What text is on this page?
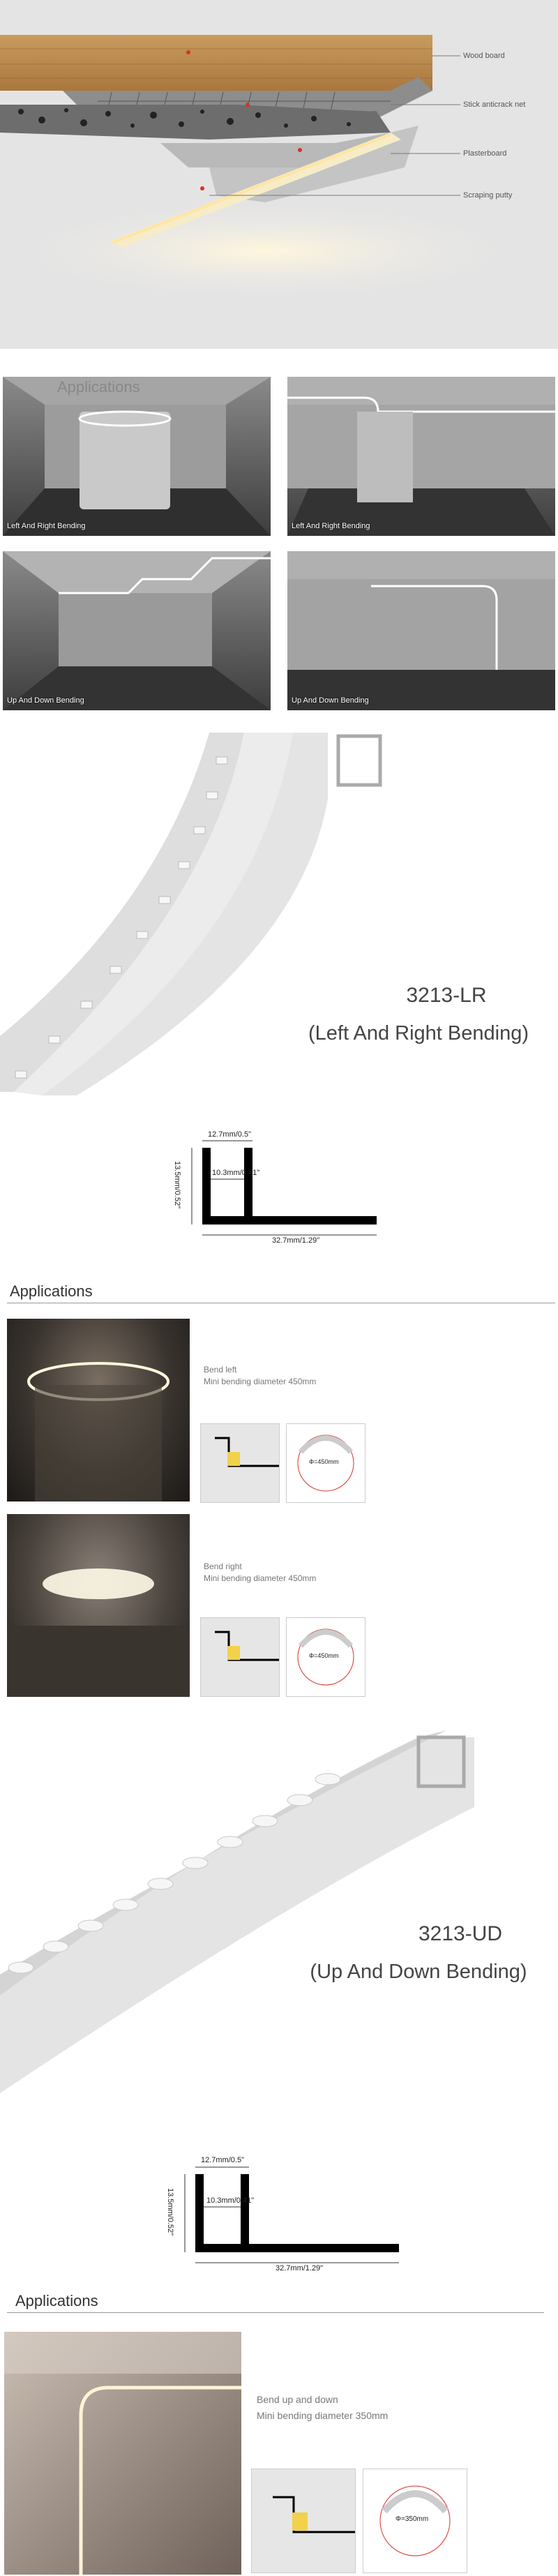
Wood board
Stick anticrack net
Plasterboard
Scraping putty
Applications
Left And Right Bending	Left And Right Bending
Up And Down Bending	Up And Down Bending
3213-LR
(Left And Right Bending)
12.7mm/0.5"
10.3mm/0.41"
13.5mm/0.52"
32.7mm/1.29"
Applications
Bend left
Mini bending diameter 450mm
Φ=450mm
Bend right
Mini bending diameter 450mm
Φ=450mm
3213-UD
(Up And Down Bending)
12.7mm/0.5"
10.3mm/0.41"
13.5mm/0.52"
32.7mm/1.29"
Applications
Bend up and down
Mini bending diameter 350mm
Φ=350mm
